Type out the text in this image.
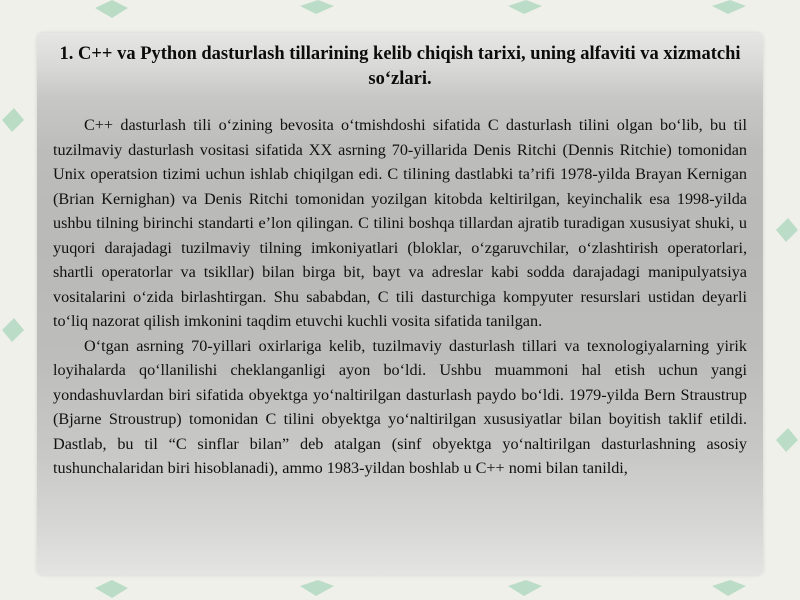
1. C++ va Python dasturlash tillarining kelib chiqish tarixi, uning alfaviti va xizmatchi so‘zlari.

C++ dasturlash tili o‘zining bevosita o‘tmishdoshi sifatida C dasturlash tilini olgan bo‘lib, bu til tuzilmaviy dasturlash vositasi sifatida XX asrning 70-yillarida Denis Ritchi (Dennis Ritchie) tomonidan Unix operatsion tizimi uchun ishlab chiqilgan edi. C tilining dastlabki ta’rifi 1978-yilda Brayan Kernigan (Brian Kernighan) va Denis Ritchi tomonidan yozilgan kitobda keltirilgan, keyinchalik esa 1998-yilda ushbu tilning birinchi standarti e’lon qilingan. C tilini boshqa tillardan ajratib turadigan xususiyat shuki, u yuqori darajadagi tuzilmaviy tilning imkoniyatlari (bloklar, o‘zgaruvchilar, o‘zlashtirish operatorlari, shartli operatorlar va tsikllar) bilan birga bit, bayt va adreslar kabi sodda darajadagi manipulyatsiya vositalarini o‘zida birlashtirgan. Shu sababdan, C tili dasturchiga kompyuter resurslari ustidan deyarli to‘liq nazorat qilish imkonini taqdim etuvchi kuchli vosita sifatida tanilgan.

O‘tgan asrning 70-yillari oxirlariga kelib, tuzilmaviy dasturlash tillari va texnologiyalarning yirik loyihalarda qo‘llanilishi cheklanganligi ayon bo‘ldi. Ushbu muammoni hal etish uchun yangi yondashuvlardan biri sifatida obyektga yo‘naltirilgan dasturlash paydo bo‘ldi. 1979-yilda Bern Straustrup (Bjarne Stroustrup) tomonidan C tilini obyektga yo‘naltirilgan xususiyatlar bilan boyitish taklif etildi. Dastlab, bu til “C sinflar bilan” deb atalgan (sinf obyektga yo‘naltirilgan dasturlashning asosiy tushunchalaridan biri hisoblanadi), ammo 1983-yildan boshlab u C++ nomi bilan tanildi,
